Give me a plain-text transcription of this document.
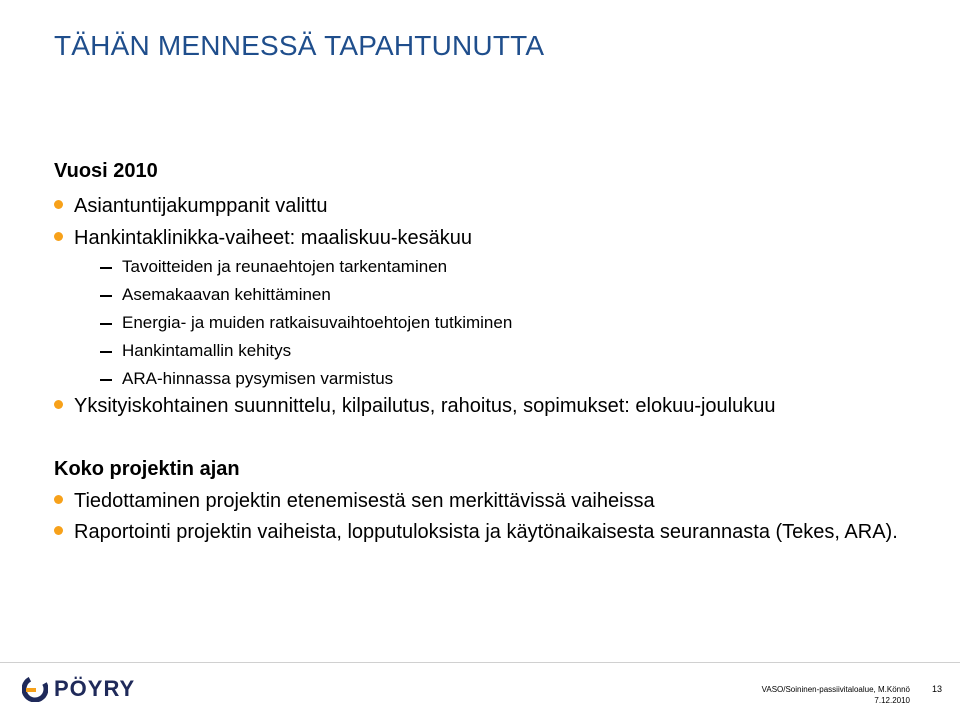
TÄHÄN MENNESSÄ TAPAHTUNUTTA
Vuosi 2010
Asiantuntijakumppanit valittu
Hankintaklinikka-vaiheet: maaliskuu-kesäkuu
Tavoitteiden ja reunaehtojen tarkentaminen
Asemakaavan kehittäminen
Energia- ja muiden ratkaisuvaihtoehtojen tutkiminen
Hankintamallin kehitys
ARA-hinnassa pysymisen varmistus
Yksityiskohtainen suunnittelu, kilpailutus, rahoitus, sopimukset: elokuu-joulukuu
Koko projektin ajan
Tiedottaminen projektin etenemisestä sen merkittävissä vaiheissa
Raportointi projektin vaiheista, lopputuloksista ja käytönaikaisesta seurannasta (Tekes, ARA).
PÖYRY	VASO/Soininen-passiivitaloalue, M.Könnö
7.12.2010
13
